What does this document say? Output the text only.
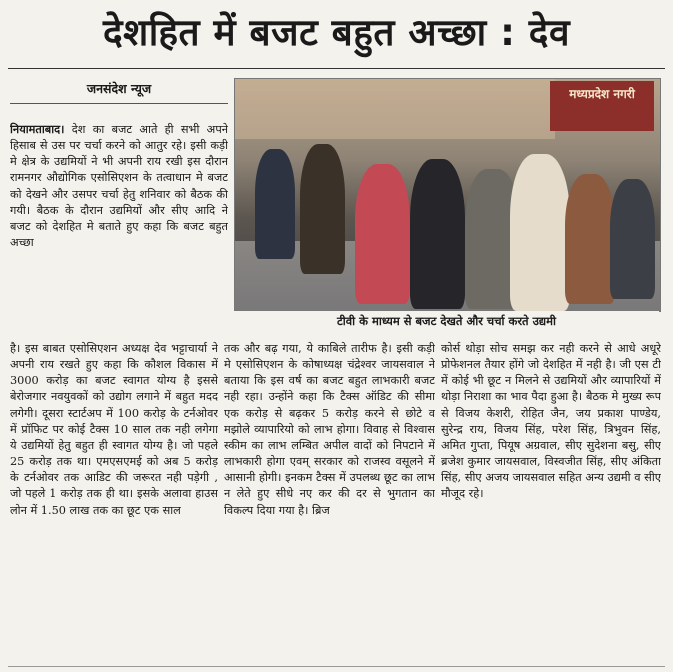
देशहित में बजट बहुत अच्छा : देव
जनसंदेश न्यूज
नियामताबाद। देश का बजट आते ही सभी अपने हिसाब से उस पर चर्चा करने को आतुर रहे। इसी कड़ी मे क्षेत्र के उद्यमियों ने भी अपनी राय रखी इस दौरान रामनगर औद्योगिक एसोसिएशन के तत्वाधान मे बजट को देखने और उसपर चर्चा हेतु शनिवार को बैठक की गयी। बैठक के दौरान उद्यमियों और सीए आदि ने बजट को देशहित मे बताते हुए कहा कि बजट बहुत अच्छा
मध्यप्रदेश नगरी
टीवी के माध्यम से बजट देखते और चर्चा करते उद्यमी
है। इस बाबत एसोसिएशन अध्यक्ष देव भट्टाचार्या ने अपनी राय रखते हुए कहा कि कौशल विकास में 3000 करोड़ का बजट स्वागत योग्य है इससे बेरोजगार नवयुवकों को उद्योग लगाने में बहुत मदद लगेगी। दूसरा स्टार्टअप में 100 करोड़ के टर्नओवर में प्रॉफिट पर कोई टैक्स 10 साल तक नही लगेगा ये उद्यमियों हेतु बहुत ही स्वागत योग्य है। जो पहले 25 करोड़ तक था। एमएसएमई को अब 5 करोड़ के टर्नओवर तक आडिट की जरूरत नही पड़ेगी , जो पहले 1 करोड़ तक ही था। इसके अलावा हाउस लोन में 1.50 लाख तक का छूट एक साल
तक और बढ़ गया, ये काबिले तारीफ है। इसी कड़ी मे एसोसिएशन के कोषाध्यक्ष चंद्रेश्वर जायसवाल ने बताया कि इस वर्ष का बजट बहुत लाभकारी बजट नही रहा। उन्होंने कहा कि टैक्स ऑडिट की सीमा एक करोड़ से बढ़कर 5 करोड़ करने से छोटे व मझोले व्यापारियो को लाभ होगा। विवाह से विश्वास स्कीम का लाभ लम्बित अपील वादों को निपटाने में लाभकारी होगा एवम् सरकार को राजस्व वसूलने में आसानी होगी। इनकम टैक्स में उपलब्ध छूट का लाभ न लेते हुए सीधे नए कर की दर से भुगतान का विकल्प दिया गया है। ब्रिज
कोर्स थोड़ा सोच समझ कर नही करने से आधे अधूरे प्रोफेशनल तैयार होंगे जो देशहित में नही है। जी एस टी में कोई भी छूट न मिलने से उद्यमियों और व्यापारियों में थोड़ा निराशा का भाव पैदा हुआ है। बैठक मे मुख्य रूप से विजय केशरी, रोहित जैन, जय प्रकाश पाण्डेय, सुरेन्द्र राय, विजय सिंह, परेश सिंह, त्रिभुवन सिंह, अमित गुप्ता, पियूष अग्रवाल, सीए सुदेशना बसु, सीए ब्रजेश कुमार जायसवाल, विस्वजीत सिंह, सीए अंकिता सिंह, सीए अजय जायसवाल सहित अन्य उद्यमी व सीए मौजूद रहे।
